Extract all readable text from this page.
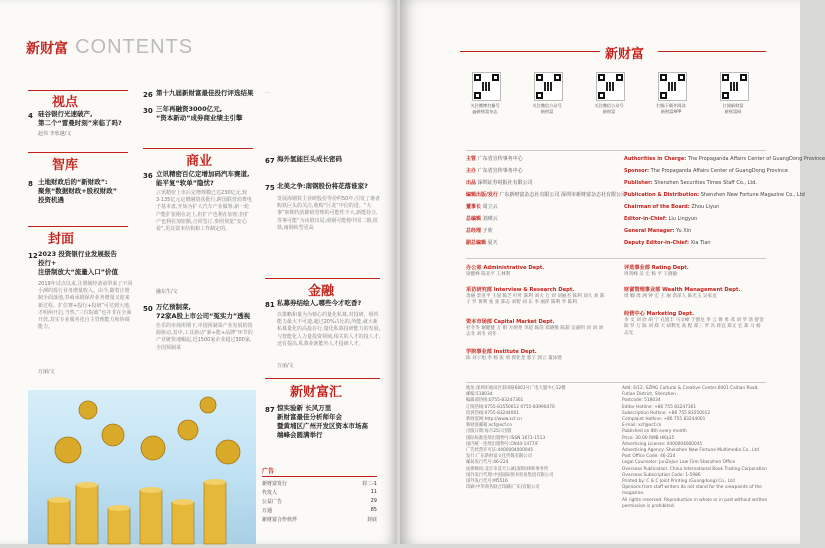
新财富 CONTENTS
视点
4 硅谷银行光速破产,
第二个“雷曼时刻”来临了吗?
赵伟 李欣越/文
智库
8 土地财政后的“新财政”:
聚焦“数据财政+股权财政”
投资机遇
封面
12 2023 投资银行业发展报告
投行+
注册制放大“流量入口”价值
2019年试点以来,注册制经备前带来了不同小测的投行业务增量收入。由今,随着注册制全面落地,券商承销保荐业务增量又迎来新过程。扩位赛+投行+投研”可达到大地,才明两开启,当然,“三位院政”也并非在全面开放,其实专业服务化自主管理能力和协调能力。
万丽/文
26 第十九届新财富最佳投行评选结果
30 三年再融资3000亿元,
“资本新动”成券商业绩主引擎
商业
36 立讯精密百亿定增加码汽车赛道,
能平复“软单”隐忧?
立讯精密上市后定增规模已达230亿元,较3·135亿元定增融资获批行,跨国联营消费电子基本盘,开始为扩大汽车产业做筹,新一轮产能扩张刚在北上,但扩产也利在加密,但扩产也利在加密额,合同签订,参照预览“安心看”,更具资本结构和工作制定的。
融东生/文
50 万亿预制菜,
72家A股上市公司“冤实力”透视
仕乐的市场所期下,中国预制菜产业发展的资源驱动,其中,工具驱动“新+能+品牌”环节的产业链快速崛起,近1500家企业超过300家,全国预制菜
…
67 海外氢能巨头成长密码
75 北美之争:南钢股份将花落谁家?
发展海钢铁主业研股份等份约50年,引发了谁者购铁巨头的关注,收购“巨龙”中信的进。“大事”和期待消除值管理的可能性不大,新能持合,等事可能“为由假出局,南钢可能将中国二钢,铁铁,南钢转型更高
金融
81 私募券结绘人,哪些今才吃香?
以策略和量为为核心的量化私募,对投研、组织能力最大不可遗,超过20%占比的,所能,就大新私募量化的高投在行,量化私募投研能力的发展,与智能化人力量投资领域,相关的人才的投人才,还有提高,私募业新能外人才投研人才。
万丽/文
新财富汇
87 惊实验新 长风万里
新财富最佳分析师年会
暨黄埔区广州开发区资本市场高
端峰会圆满举行
广告
新财富发行	封二-1
代发人	11
公益广告	29
万通	85
新财富合作伙伴	封底
新财富
关注微博扫描号
@新财富杂志
关注微信公众号
新财富
关注微信公众号
新财富
扫描下载并阅读
新财富APP
订阅新财富
新财富网
主管 广东省宣传事务中心
主办 广东省宣传事务中心
出品 深圳证券时报社有限公司
编辑出版/发行 广东新财富杂志社有限公司 深圳市新财富杂志社有限公司
董事长 周立云
总编辑 刘瑛云
总经理 于欣
副总编辑 夏天
Authorities in Charge: The Propaganda Affairs Center of GuangDong Province
Sponsor: The Propaganda Affairs Center of GuangDong Province
Publisher: Shenzhen Securities Times Staff Co., Ltd.
Publication & Distribution: Shenzhen New Fortune Magazine Co., Ltd
Chairman of the Board: Zhou Liyun
Editor-in-Chief: Liu Lingyun
General Manager: Yu Xin
Deputy Editor-in-Chief: Xia Tian
办公室 Administrative Dept.
梁健峰 陈亚平 王林利
采访研究部 Interview & Research Dept.
余丽 景亚平 王国 陈芝 叶叶 陈利 刘大 万 刘 刘丽杰 陈利 刘大 刘 陈子 罗 黄利 张 张 陈志 刘智 刘 东 李 丽萍 陈利 罗 陈利
资本市场部 Capital Market Dept.
杜冬冬 谢健健 万 娟 方炳尧 李超 陈茵 郑晓维 陈超 吴嘉明 刘 刘 刘志冬 刘冬 刘冬
学院事业部 Institute Dept.
陈 刘子旭 李 杨 张 勇 郭化奎 郭子 郭立 董泳建
评选事业部 Rating Dept.
周剑峰 吴 宏 杨 平 王晓敏
财富管理事业部 Wealth Management Dept.
周 卿 周 洲 钟 宏 王 丽 余泽人 陈光玉 吴家龙
经营中心 Marketing Dept.
李 文 刘 欣 胡 宁 孔旭丰 马文峰 于德龙 李 云 黄 勇 邓 刘 罗 清 舒金阳 罗 万 陈 刘 郑 天 胡利光 高 程 郑三 罗 冯 蒋宜 郑文 宏 郑 马 杨志光
地址:深圳市福田区彩田路6001号广电大厦中心12楼
邮编:518034
编辑部热线:0755-83247361
订阅热线:0755-83550012 0755-83990470
投诉热线:0755-83244001
新财富网:http://www.xcf.cn
新财富邮箱:xcf@xcf.cn
出版日期:每月25日出版
国际标准连续出版物号:ISSN 1671-1513
国内统一连续出版物号:CN44-1477/F
广告经营许可证:4400004000045
发行:广东新财富文化传媒有限公司
邮局发行代号:46-224
法律顾问:北京市竞天公诚(深圳)律师事务所
国外发行代理:中国国际图书贸易集团有限公司
国外发行代号:M5516
印刷:中华商务联合印刷(广东)有限公司
Add: 6/12, SZMG Cultural & Creative Center,6001 Caitian Road, Futian District, Shenzhen
Postcode: 518034
Editor Hotline: +86 755 83247361
Subscription Hotline: +86 755 83550012
Complaint Hotline: +86 755 83244001
E-mail: xcf@xcf.cn
Published on 8th every month
Price: 30.00 RMB HK$35
Advertising License: 4400004000045
Advertising Agency: Shenzhen New Fortune Multimedia Co., Ltd
Post Office Code: 46-224
Legal Counselor: JunZeJun Law Firm Shenzhen Office
Overseas Publication: China International Book Trading Corporation
Overseas Subscription Code: 1-5986
Printed by: C & C Joint Printing (Guangdong) Co., Ltd
Opinions from staff writers do not stand for the viewpoints of the magazine.
All rights reserved. Reproduction in whole or in part without written permission is prohibited.
